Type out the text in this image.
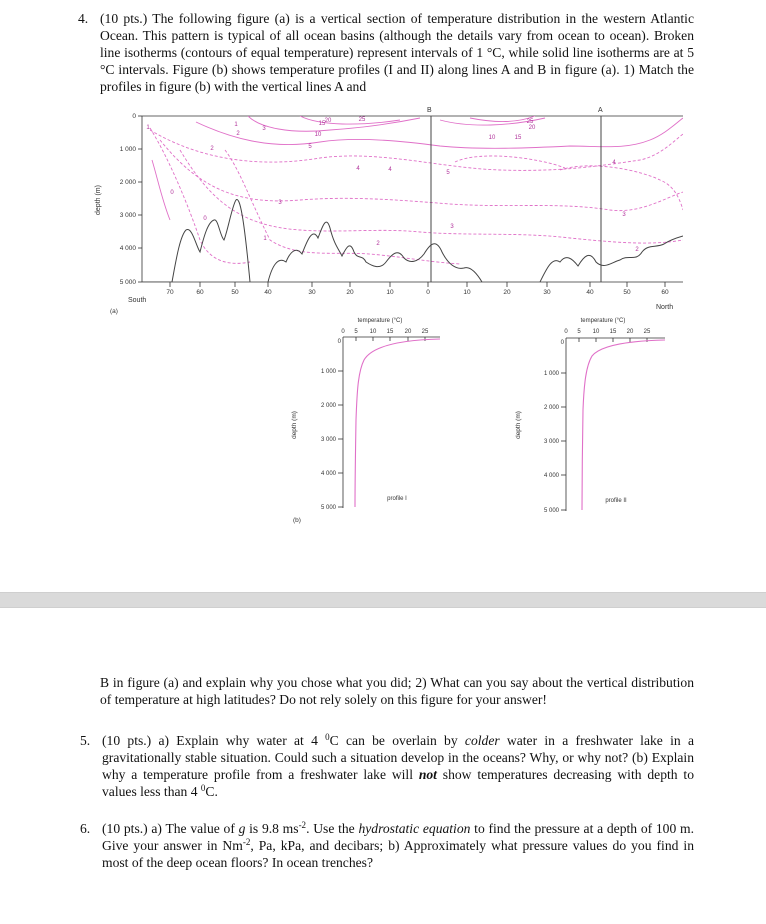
4. (10 pts.) The following figure (a) is a vertical section of temperature distribution in the western Atlantic Ocean. This pattern is typical of all ocean basins (although the details vary from ocean to ocean). Broken line isotherms (contours of equal temperature) represent intervals of 1 °C, while solid line isotherms are at 5 °C intervals. Figure (b) shows temperature profiles (I and II) along lines A and B in figure (a). 1) Match the profiles in figure (b) with the vertical lines A and

0
1 000
2 000
3 000
4 000
5 000
depth (m)
70	60	50	40	30	20	10	0	10	20	30	40	50	60
South
North
(a)
B	A
1
2
3
4
0
0
1
2
3
5
10
15 20	25
4	5
1
2
3
4
10	15
20
25
2
3
temperature (°C)
0 5 10 15 20 25
0
1 000
2 000
3 000
4 000
5 000
depth (m)
profile I
(b)
temperature (°C)
0 5 10 15 20 25
0
1 000
2 000
3 000
4 000
5 000
depth (m)
profile II

B in figure (a) and explain why you chose what you did; 2) What can you say about the vertical distribution of temperature at high latitudes? Do not rely solely on this figure for your answer!

5. (10 pts.) a) Explain why water at 4 $^0$C can be overlain by colder water in a freshwater lake in a gravitationally stable situation. Could such a situation develop in the oceans? Why, or why not? (b) Explain why a temperature profile from a freshwater lake will not show temperatures decreasing with depth to values less than 4 $^0$C.

6. (10 pts.) a) The value of g is 9.8 $ms^{-2}$. Use the hydrostatic equation to find the pressure at a depth of 100 m. Give your answer in $Nm^{-2}$, Pa, kPa, and decibars; b) Approximately what pressure values do you find in most of the deep ocean floors? In ocean trenches?
